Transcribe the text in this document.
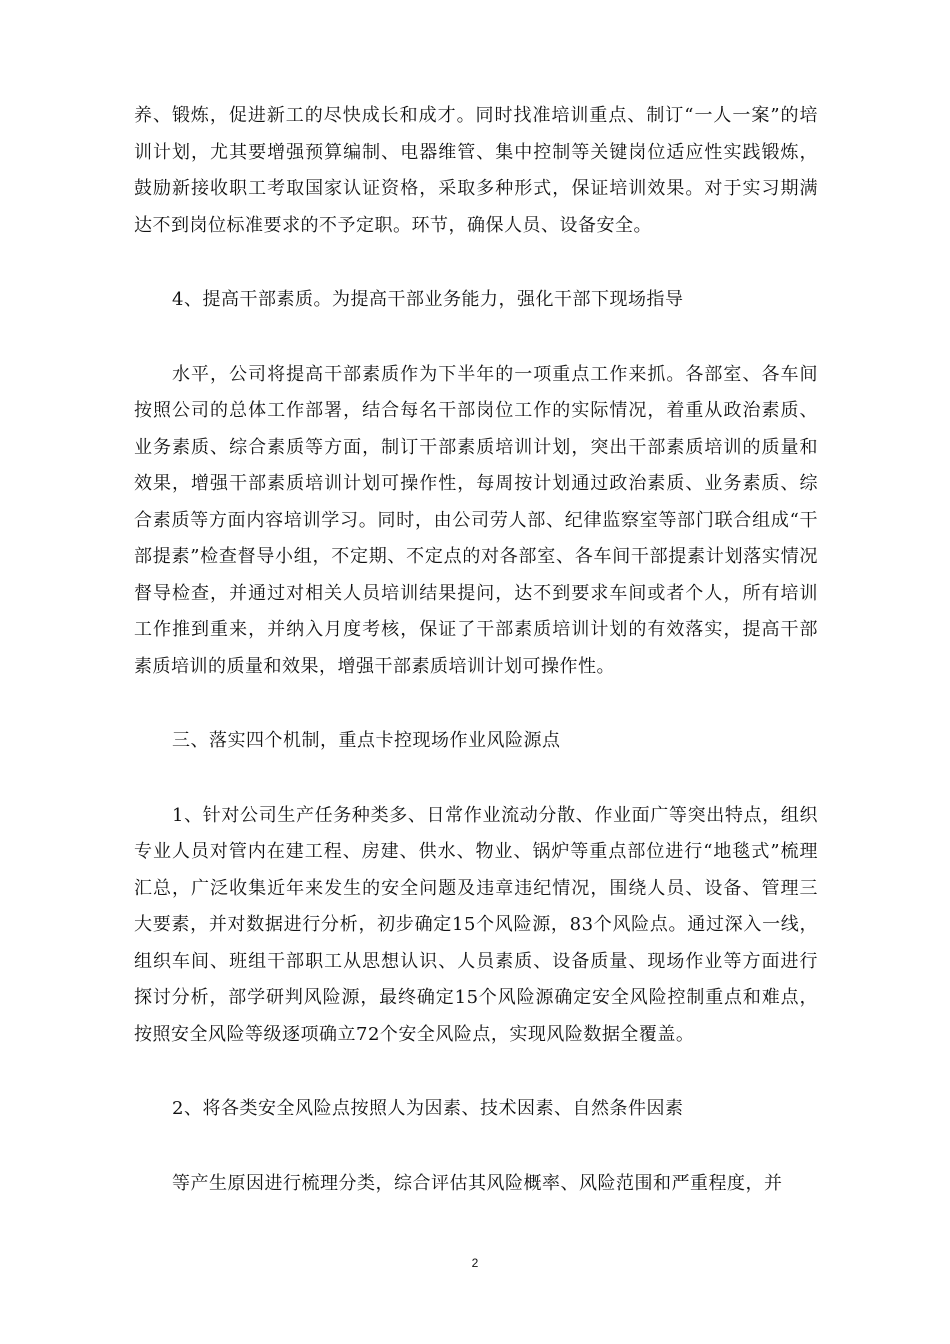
养、锻炼，促进新工的尽快成长和成才。同时找准培训重点、制订“一人一案”的培训计划，尤其要增强预算编制、电器维管、集中控制等关键岗位适应性实践锻炼，鼓励新接收职工考取国家认证资格，采取多种形式，保证培训效果。对于实习期满达不到岗位标准要求的不予定职。环节，确保人员、设备安全。

4、提高干部素质。为提高干部业务能力，强化干部下现场指导

水平，公司将提高干部素质作为下半年的一项重点工作来抓。各部室、各车间按照公司的总体工作部署，结合每名干部岗位工作的实际情况，着重从政治素质、业务素质、综合素质等方面，制订干部素质培训计划，突出干部素质培训的质量和效果，增强干部素质培训计划可操作性，每周按计划通过政治素质、业务素质、综合素质等方面内容培训学习。同时，由公司劳人部、纪律监察室等部门联合组成“干部提素”检查督导小组，不定期、不定点的对各部室、各车间干部提素计划落实情况督导检查，并通过对相关人员培训结果提问，达不到要求车间或者个人，所有培训工作推到重来，并纳入月度考核，保证了干部素质培训计划的有效落实，提高干部素质培训的质量和效果，增强干部素质培训计划可操作性。

三、落实四个机制，重点卡控现场作业风险源点

1、针对公司生产任务种类多、日常作业流动分散、作业面广等突出特点，组织专业人员对管内在建工程、房建、供水、物业、锅炉等重点部位进行“地毯式”梳理汇总，广泛收集近年来发生的安全问题及违章违纪情况，围绕人员、设备、管理三大要素，并对数据进行分析，初步确定15个风险源，83个风险点。通过深入一线，组织车间、班组干部职工从思想认识、人员素质、设备质量、现场作业等方面进行探讨分析，部学研判风险源，最终确定15个风险源确定安全风险控制重点和难点，按照安全风险等级逐项确立72个安全风险点，实现风险数据全覆盖。

2、将各类安全风险点按照人为因素、技术因素、自然条件因素

等产生原因进行梳理分类，综合评估其风险概率、风险范围和严重程度，并

2
